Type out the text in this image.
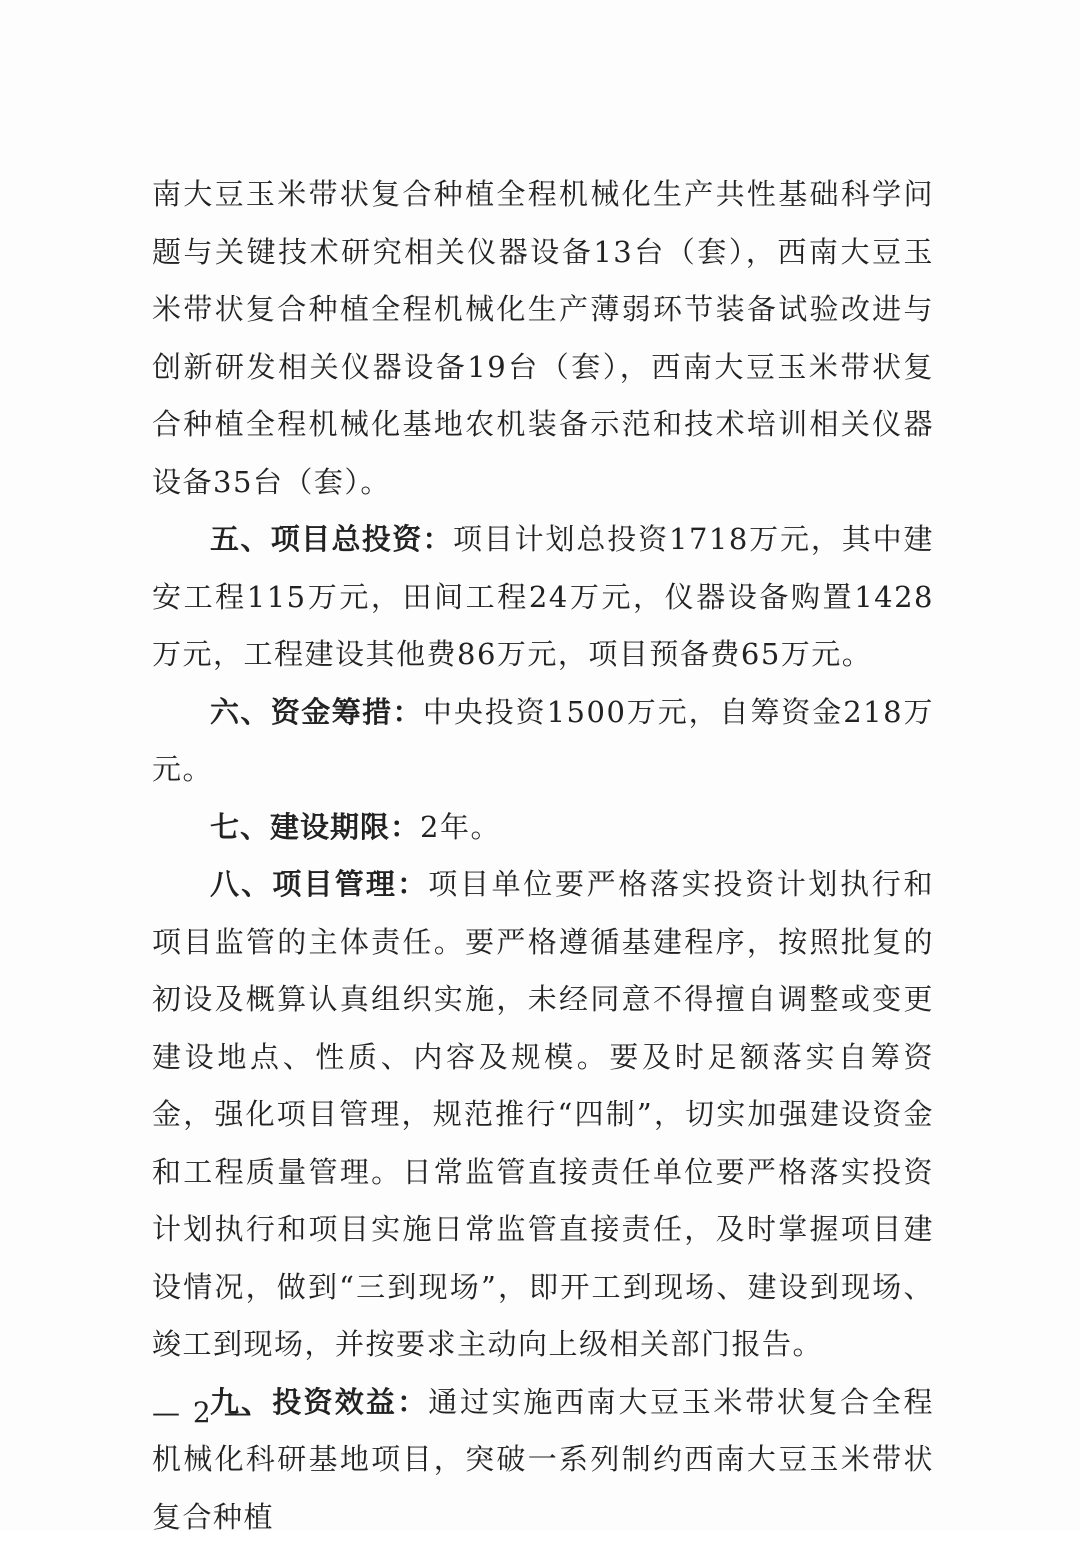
南大豆玉米带状复合种植全程机械化生产共性基础科学问题与关键技术研究相关仪器设备13台（套），西南大豆玉米带状复合种植全程机械化生产薄弱环节装备试验改进与创新研发相关仪器设备19台（套），西南大豆玉米带状复合种植全程机械化基地农机装备示范和技术培训相关仪器设备35台（套）。

五、项目总投资：项目计划总投资1718万元，其中建安工程115万元，田间工程24万元，仪器设备购置1428万元，工程建设其他费86万元，项目预备费65万元。

六、资金筹措：中央投资1500万元，自筹资金218万元。

七、建设期限：2年。

八、项目管理：项目单位要严格落实投资计划执行和项目监管的主体责任。要严格遵循基建程序，按照批复的初设及概算认真组织实施，未经同意不得擅自调整或变更建设地点、性质、内容及规模。要及时足额落实自筹资金，强化项目管理，规范推行“四制”，切实加强建设资金和工程质量管理。日常监管直接责任单位要严格落实投资计划执行和项目实施日常监管直接责任，及时掌握项目建设情况，做到“三到现场”，即开工到现场、建设到现场、竣工到现场，并按要求主动向上级相关部门报告。

九、投资效益：通过实施西南大豆玉米带状复合全程机械化科研基地项目，突破一系列制约西南大豆玉米带状复合种植

— 2 —
